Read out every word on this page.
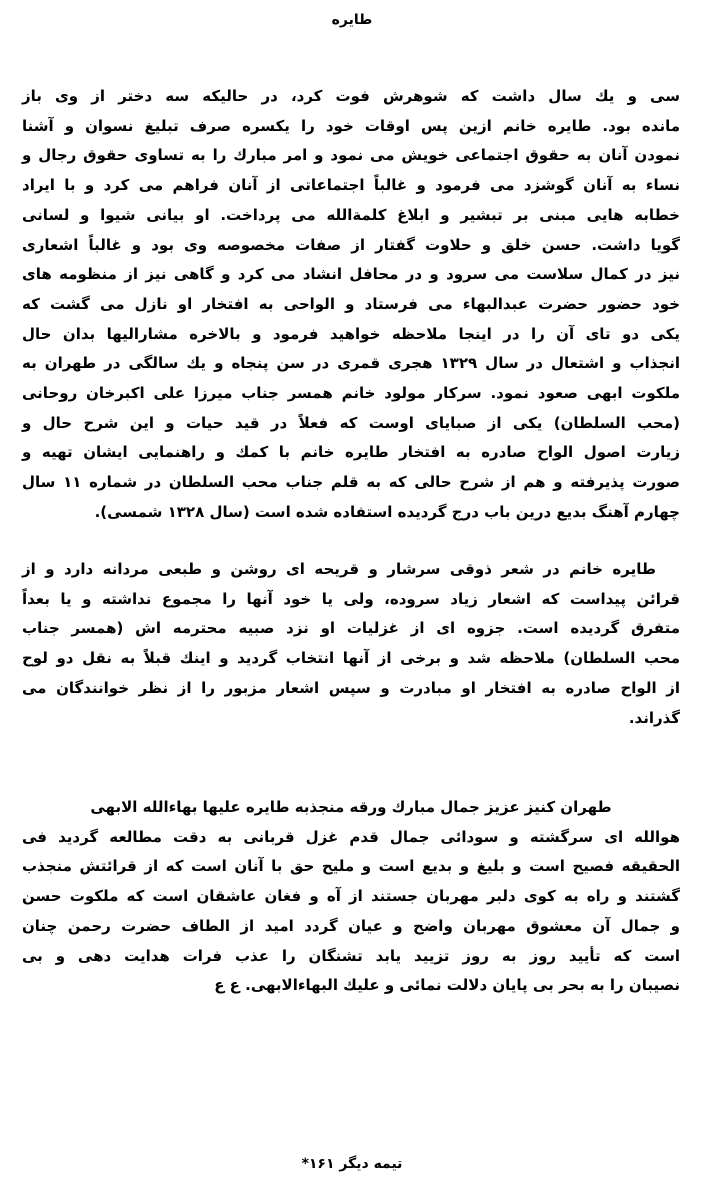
طایره
سی و یك سال داشت كه شوهرش فوت كرد، در حالیكه سه دختر از وی باز
مانده بود. طایره خانم ازین پس اوقات خود را یكسره صرف تبلیغ نسوان و آشنا
نمودن آنان به حقوق اجتماعی خویش می نمود و امر مبارك را به تساوی حقوق رجال و
نساء به آنان گوشزد می فرمود و غالباً اجتماعاتی از آنان فراهم می كرد و با ایراد
خطابه هایی مبنی بر تبشیر و ابلاغ كلمةالله می پرداخت. او بیانی شیوا و لسانی
گویا داشت. حسن خلق و حلاوت گفتار از صفات مخصوصه وی بود و غالباً اشعاری
نیز در كمال سلاست می سرود و در محافل انشاد می كرد و گاهی نیز از منظومه های
خود حضور حضرت عبدالبهاء می فرستاد و الواحی به افتخار او نازل می گشت كه
یكی دو تای آن را در اینجا ملاحظه خواهید فرمود و بالاخره مشارالیها بدان حال
انجذاب و اشتعال در سال ۱۳۲۹ هجری قمری در سن پنجاه و یك سالگی در طهران به
ملكوت ابهی صعود نمود. سركار مولود خانم همسر جناب میرزا علی اكبرخان روحانی
(محب السلطان) یكی از صبایای اوست كه فعلاً در قید حیات و این شرح حال و
زیارت اصول الواح صادره به افتخار طایره خانم با كمك و راهنمایی ایشان تهیه و
صورت پذیرفته و هم از شرح حالی كه به قلم جناب محب السلطان در شماره ۱۱ سال
چهارم آهنگ بدیع درین باب درج گردیده استفاده شده است (سال ۱۳۲۸ شمسی).
طایره خانم در شعر ذوقی سرشار و قریحه ای روشن و طبعی مردانه دارد و از
قرائن پیداست كه اشعار زیاد سروده، ولی یا خود آنها را مجموع نداشته و یا بعداً
متفرق گردیده است. جزوه ای از غزلیات او نزد صبیه محترمه اش (همسر جناب
محب السلطان) ملاحظه شد و برخی از آنها انتخاب گردید و اینك قبلاً به نقل دو لوح
از الواح صادره به افتخار او مبادرت و سپس اشعار مزبور را از نظر خوانندگان می
گذراند.
طهران كنیز عزیز جمال مبارك ورقه منجذبه طایره علیها بهاءالله الابهی
هوالله ای سرگشته و سودائی جمال قدم غزل قربانی به دقت مطالعه گردید فی
الحقیقه فصیح است و بلیغ و بدیع است و ملیح حق با آنان است كه از قرائتش منجذب
گشتند و راه به كوی دلبر مهربان جستند از آه و فغان عاشقان است كه ملكوت حسن
و جمال آن معشوق مهربان واضح و عیان گردد امید از الطاف حضرت رحمن چنان
است كه تأیید روز به روز تزیید یابد تشنگان را عذب فرات هدایت دهی و بی
نصیبان را به بحر بی پایان دلالت نمائی و علیك البهاءالابهی. ع ع
تیمه دیگر ۱۶۱*
